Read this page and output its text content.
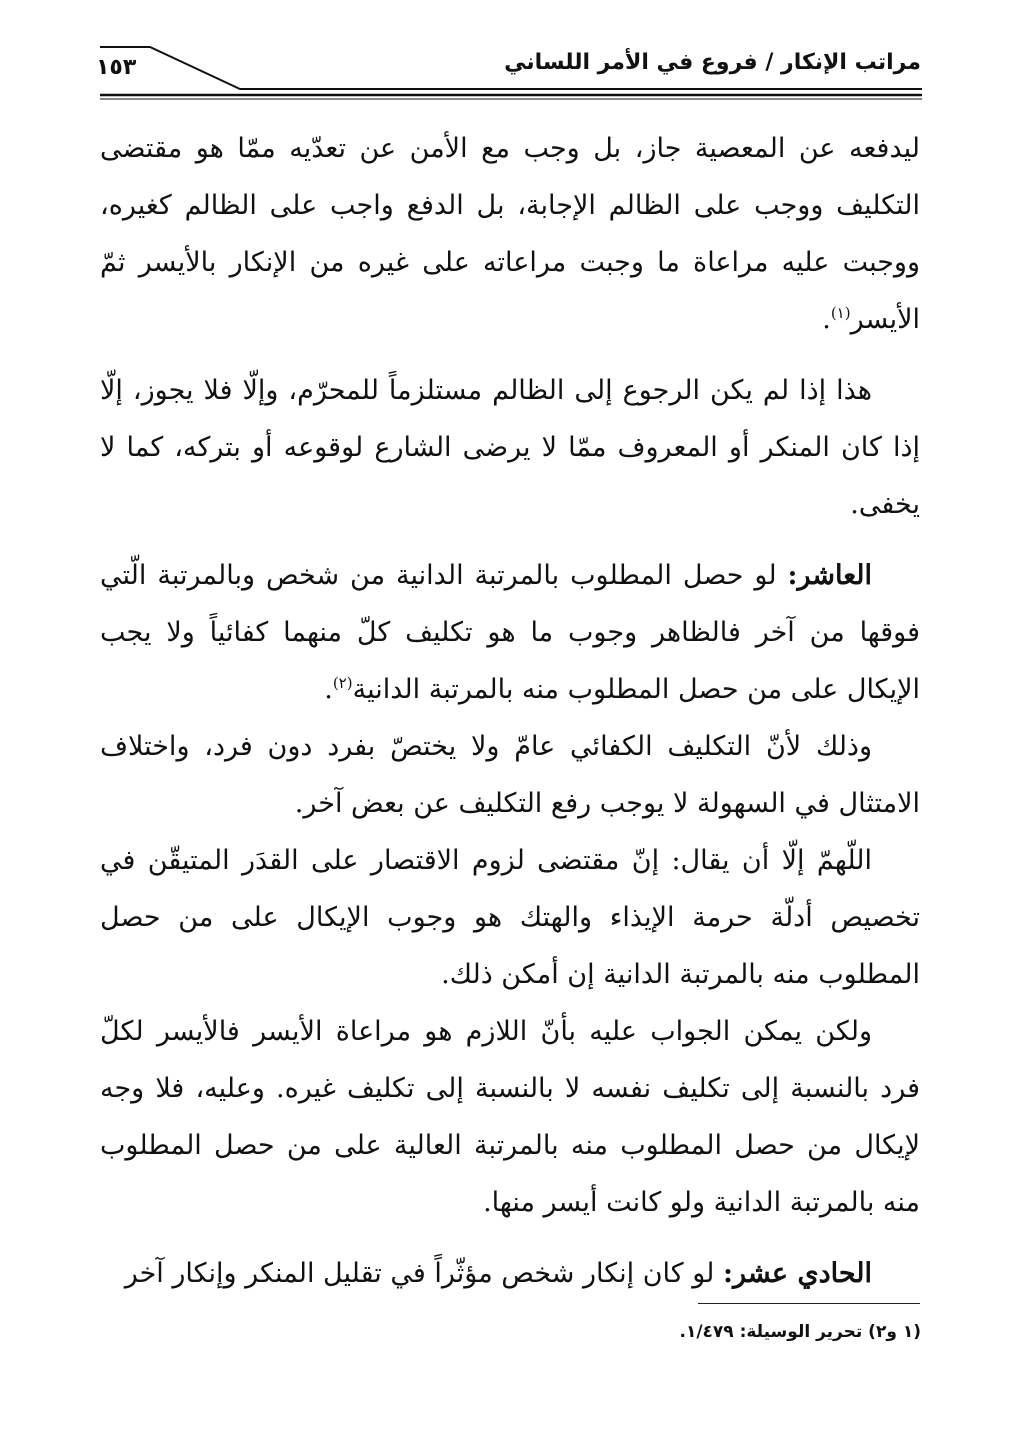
مراتب الإنكار / فروع في الأمر اللساني
١٥٣

ليدفعه عن المعصية جاز، بل وجب مع الأمن عن تعدّيه ممّا هو مقتضى التكليف ووجب على الظالم الإجابة، بل الدفع واجب على الظالم كغيره، ووجبت عليه مراعاة ما وجبت مراعاته على غيره من الإنكار بالأيسر ثمّ الأيسر$^{(١)}$.

هذا إذا لم يكن الرجوع إلى الظالم مستلزماً للمحرّم، وإلّا فلا يجوز، إلّا إذا كان المنكر أو المعروف ممّا لا يرضى الشارع لوقوعه أو بتركه، كما لا يخفى.

العاشر: لو حصل المطلوب بالمرتبة الدانية من شخص وبالمرتبة الّتي فوقها من آخر فالظاهر وجوب ما هو تكليف كلّ منهما كفائياً ولا يجب الإيكال على من حصل المطلوب منه بالمرتبة الدانية$^{(٢)}$.

وذلك لأنّ التكليف الكفائي عامّ ولا يختصّ بفرد دون فرد، واختلاف الامتثال في السهولة لا يوجب رفع التكليف عن بعض آخر.

اللّهمّ إلّا أن يقال: إنّ مقتضى لزوم الاقتصار على القدَر المتيقّن في تخصيص أدلّة حرمة الإيذاء والهتك هو وجوب الإيكال على من حصل المطلوب منه بالمرتبة الدانية إن أمكن ذلك.

ولكن يمكن الجواب عليه بأنّ اللازم هو مراعاة الأيسر فالأيسر لكلّ فرد بالنسبة إلى تكليف نفسه لا بالنسبة إلى تكليف غيره. وعليه، فلا وجه لإيكال من حصل المطلوب منه بالمرتبة العالية على من حصل المطلوب منه بالمرتبة الدانية ولو كانت أيسر منها.

الحادي عشر: لو كان إنكار شخص مؤثّراً في تقليل المنكر وإنكار آخر

(١ و٢) تحرير الوسيلة: ١/٤٧٩.
